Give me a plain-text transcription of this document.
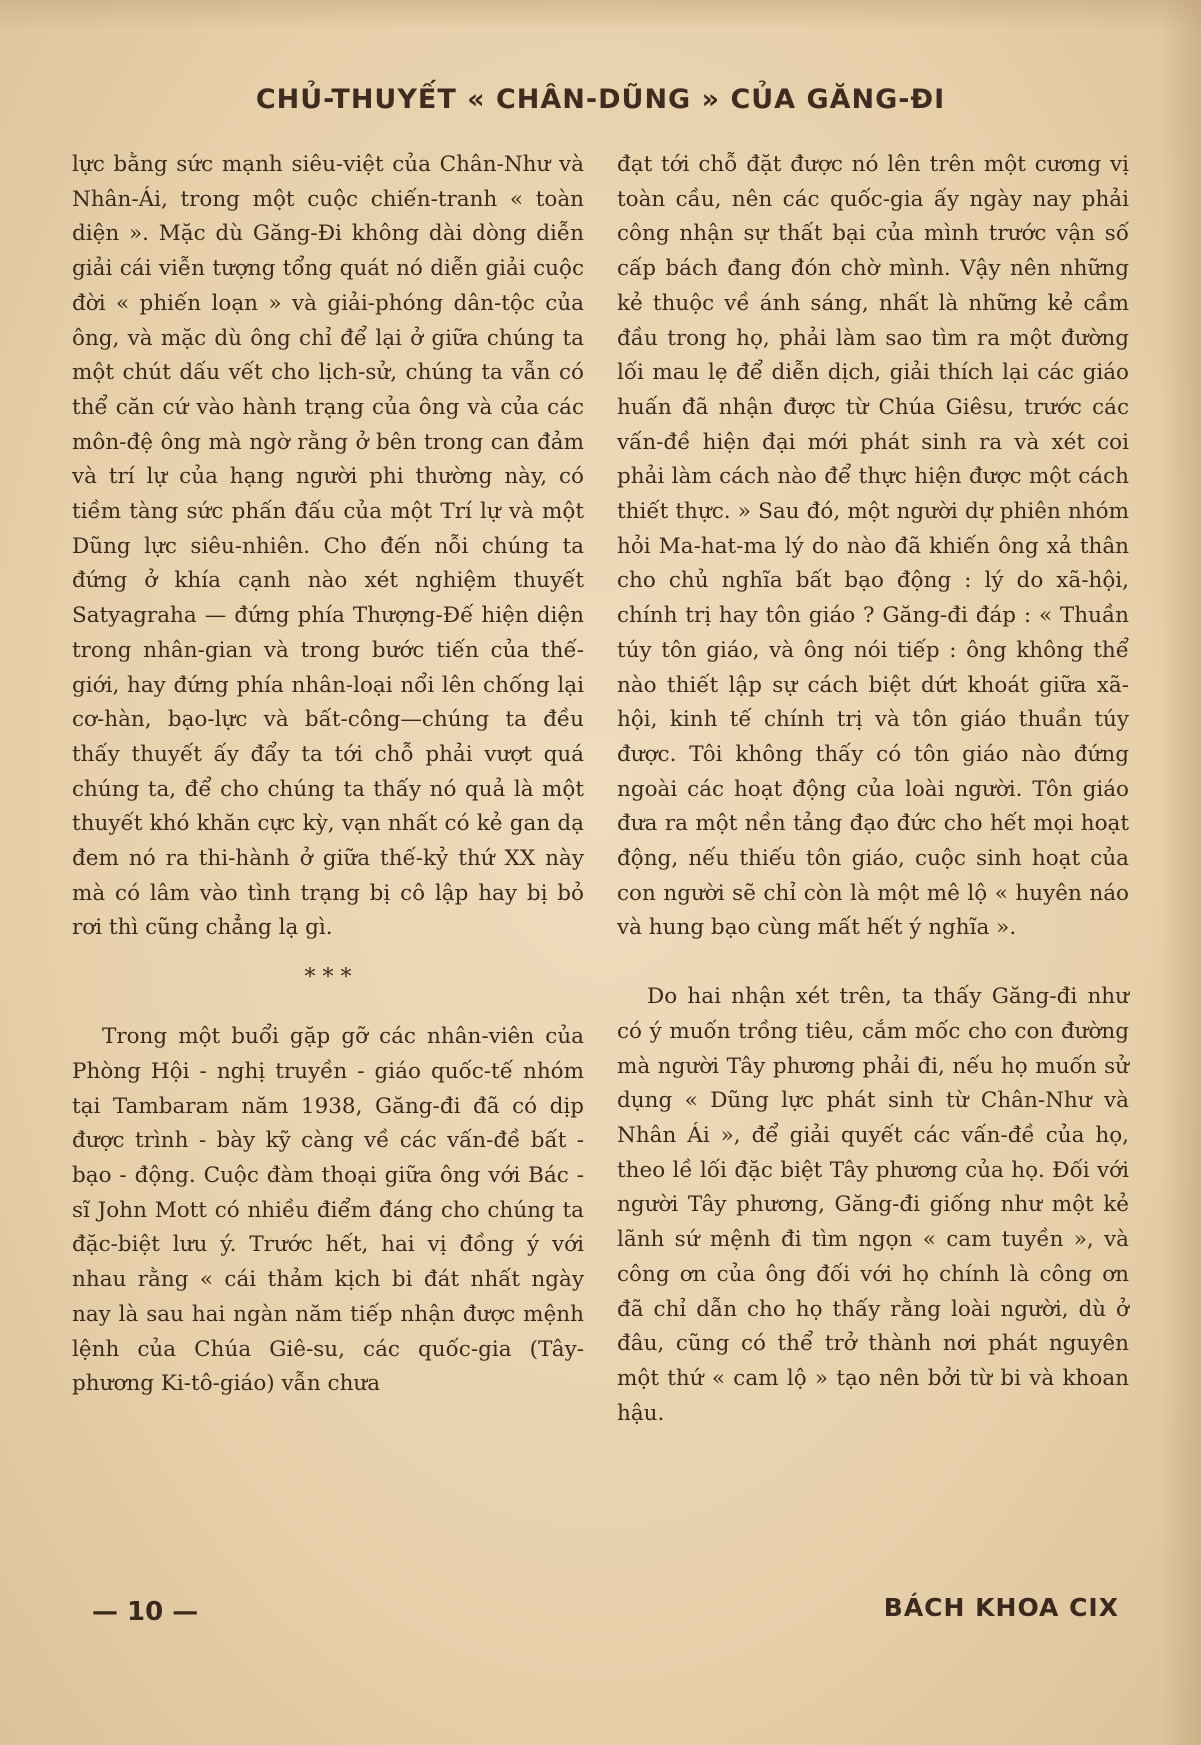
CHỦ-THUYẾT « CHÂN-DŨNG » CỦA GĂNG-ĐI

lực bằng sức mạnh siêu-việt của Chân-Như và Nhân-Ái, trong một cuộc chiến-tranh « toàn diện ». Mặc dù Găng-Đi không dài dòng diễn giải cái viễn tượng tổng quát nó diễn giải cuộc đời « phiến loạn » và giải-phóng dân-tộc của ông, và mặc dù ông chỉ để lại ở giữa chúng ta một chút dấu vết cho lịch-sử, chúng ta vẫn có thể căn cứ vào hành trạng của ông và của các môn-đệ ông mà ngờ rằng ở bên trong can đảm và trí lự của hạng người phi thường này, có tiềm tàng sức phấn đấu của một Trí lự và một Dũng lực siêu-nhiên. Cho đến nỗi chúng ta đứng ở khía cạnh nào xét nghiệm thuyết Satyagraha — đứng phía Thượng-Đế hiện diện trong nhân-gian và trong bước tiến của thế-giới, hay đứng phía nhân-loại nổi lên chống lại cơ-hàn, bạo-lực và bất-công—chúng ta đều thấy thuyết ấy đẩy ta tới chỗ phải vượt quá chúng ta, để cho chúng ta thấy nó quả là một thuyết khó khăn cực kỳ, vạn nhất có kẻ gan dạ đem nó ra thi-hành ở giữa thế-kỷ thứ XX này mà có lâm vào tình trạng bị cô lập hay bị bỏ rơi thì cũng chẳng lạ gì.

* * *

Trong một buổi gặp gỡ các nhân-viên của Phòng Hội - nghị truyền - giáo quốc-tế nhóm tại Tambaram năm 1938, Găng-đi đã có dịp được trình - bày kỹ càng về các vấn-đề bất - bạo - động. Cuộc đàm thoại giữa ông với Bác - sĩ John Mott có nhiều điểm đáng cho chúng ta đặc-biệt lưu ý. Trước hết, hai vị đồng ý với nhau rằng « cái thảm kịch bi đát nhất ngày nay là sau hai ngàn năm tiếp nhận được mệnh lệnh của Chúa Giê-su, các quốc-gia (Tây-phương Ki-tô-giáo) vẫn chưa

đạt tới chỗ đặt được nó lên trên một cương vị toàn cầu, nên các quốc-gia ấy ngày nay phải công nhận sự thất bại của mình trước vận số cấp bách đang đón chờ mình. Vậy nên những kẻ thuộc về ánh sáng, nhất là những kẻ cầm đầu trong họ, phải làm sao tìm ra một đường lối mau lẹ để diễn dịch, giải thích lại các giáo huấn đã nhận được từ Chúa Giêsu, trước các vấn-đề hiện đại mới phát sinh ra và xét coi phải làm cách nào để thực hiện được một cách thiết thực. » Sau đó, một người dự phiên nhóm hỏi Ma-hat-ma lý do nào đã khiến ông xả thân cho chủ nghĩa bất bạo động : lý do xã-hội, chính trị hay tôn giáo ? Găng-đi đáp : « Thuần túy tôn giáo, và ông nói tiếp : ông không thể nào thiết lập sự cách biệt dứt khoát giữa xã-hội, kinh tế chính trị và tôn giáo thuần túy được. Tôi không thấy có tôn giáo nào đứng ngoài các hoạt động của loài người. Tôn giáo đưa ra một nền tảng đạo đức cho hết mọi hoạt động, nếu thiếu tôn giáo, cuộc sinh hoạt của con người sẽ chỉ còn là một mê lộ « huyên náo và hung bạo cùng mất hết ý nghĩa ».

Do hai nhận xét trên, ta thấy Găng-đi như có ý muốn trồng tiêu, cắm mốc cho con đường mà người Tây phương phải đi, nếu họ muốn sử dụng « Dũng lực phát sinh từ Chân-Như và Nhân Ái », để giải quyết các vấn-đề của họ, theo lề lối đặc biệt Tây phương của họ. Đối với người Tây phương, Găng-đi giống như một kẻ lãnh sứ mệnh đi tìm ngọn « cam tuyền », và công ơn của ông đối với họ chính là công ơn đã chỉ dẫn cho họ thấy rằng loài người, dù ở đâu, cũng có thể trở thành nơi phát nguyên một thứ « cam lộ » tạo nên bởi từ bi và khoan hậu.

— 10 —	BÁCH KHOA CIX
